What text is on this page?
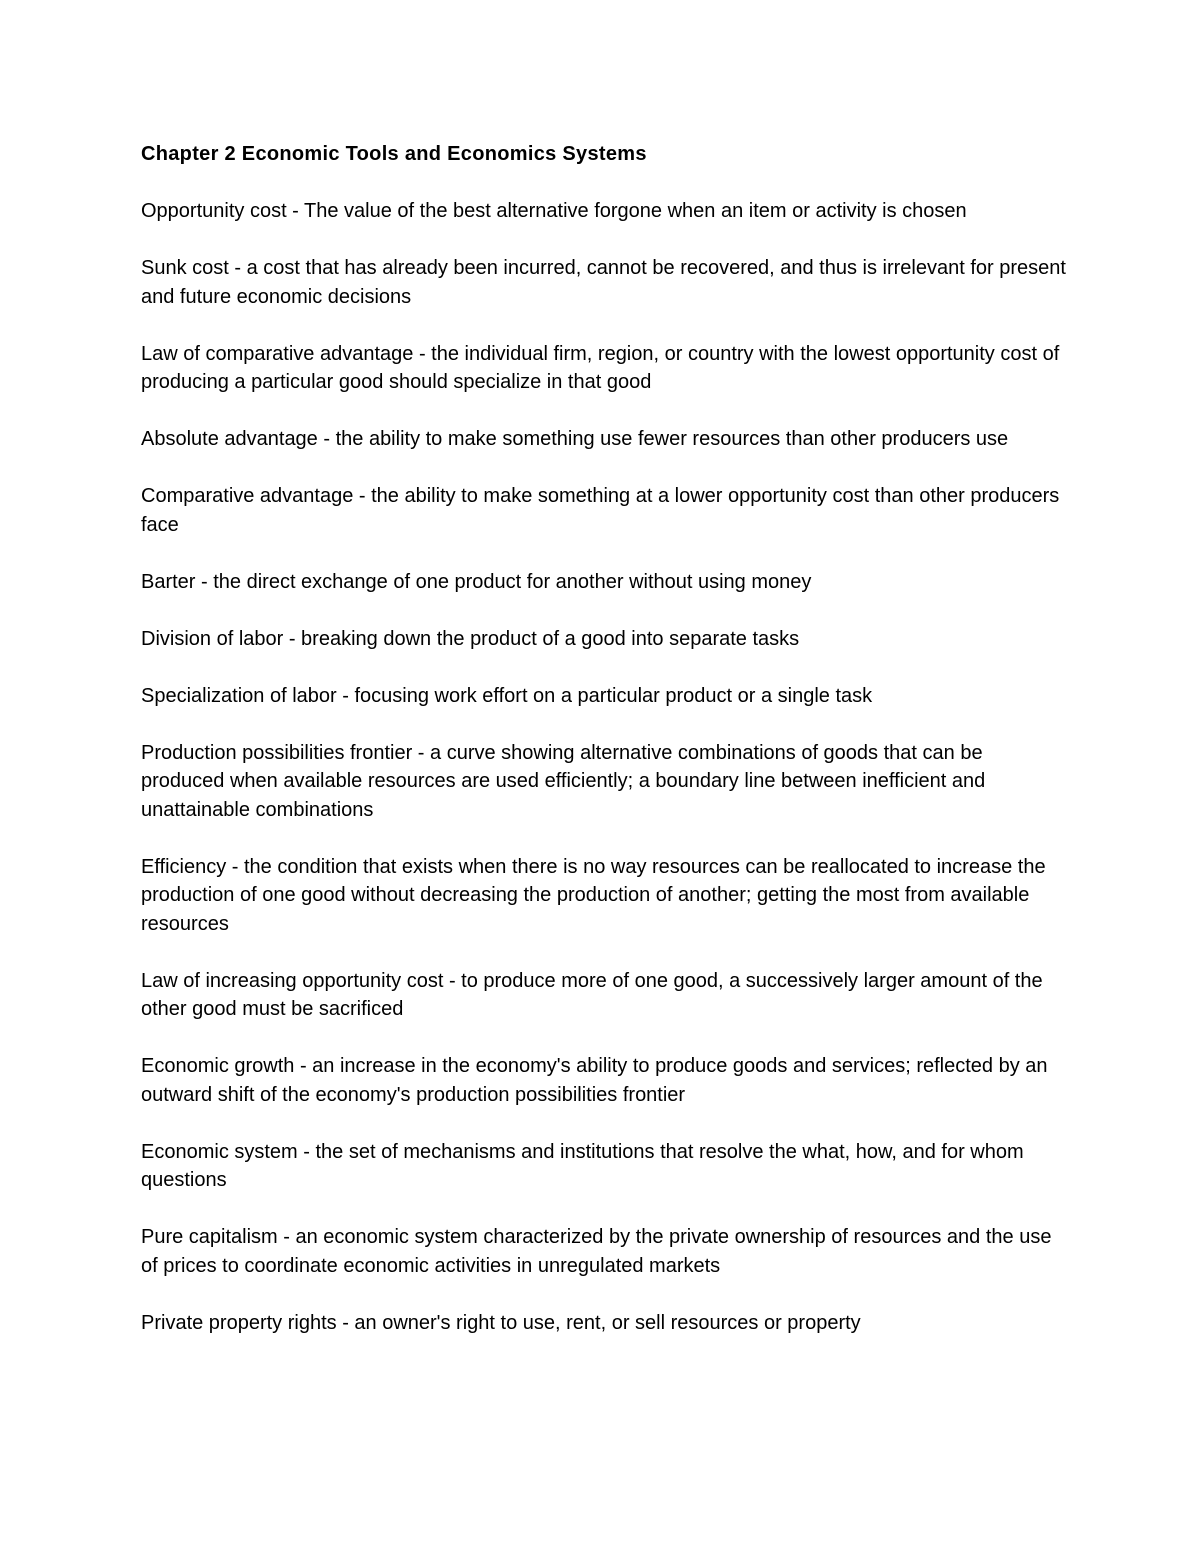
Chapter 2 Economic Tools and Economics Systems

Opportunity cost - The value of the best alternative forgone when an item or activity is chosen

Sunk cost - a cost that has already been incurred, cannot be recovered, and thus is irrelevant for present and future economic decisions

Law of comparative advantage - the individual firm, region, or country with the lowest opportunity cost of producing a particular good should specialize in that good

Absolute advantage - the ability to make something use fewer resources than other producers use

Comparative advantage - the ability to make something at a lower opportunity cost than other producers face

Barter - the direct exchange of one product for another without using money

Division of labor - breaking down the product of a good into separate tasks

Specialization of labor - focusing work effort on a particular product or a single task

Production possibilities frontier - a curve showing alternative combinations of goods that can be produced when available resources are used efficiently; a boundary line between inefficient and unattainable combinations

Efficiency - the condition that exists when there is no way resources can be reallocated to increase the production of one good without decreasing the production of another; getting the most from available resources

Law of increasing opportunity cost - to produce more of one good, a successively larger amount of the other good must be sacrificed

Economic growth - an increase in the economy's ability to produce goods and services; reflected by an outward shift of the economy's production possibilities frontier

Economic system - the set of mechanisms and institutions that resolve the what, how, and for whom questions

Pure capitalism - an economic system characterized by the private ownership of resources and the use of prices to coordinate economic activities in unregulated markets

Private property rights - an owner's right to use, rent, or sell resources or property
